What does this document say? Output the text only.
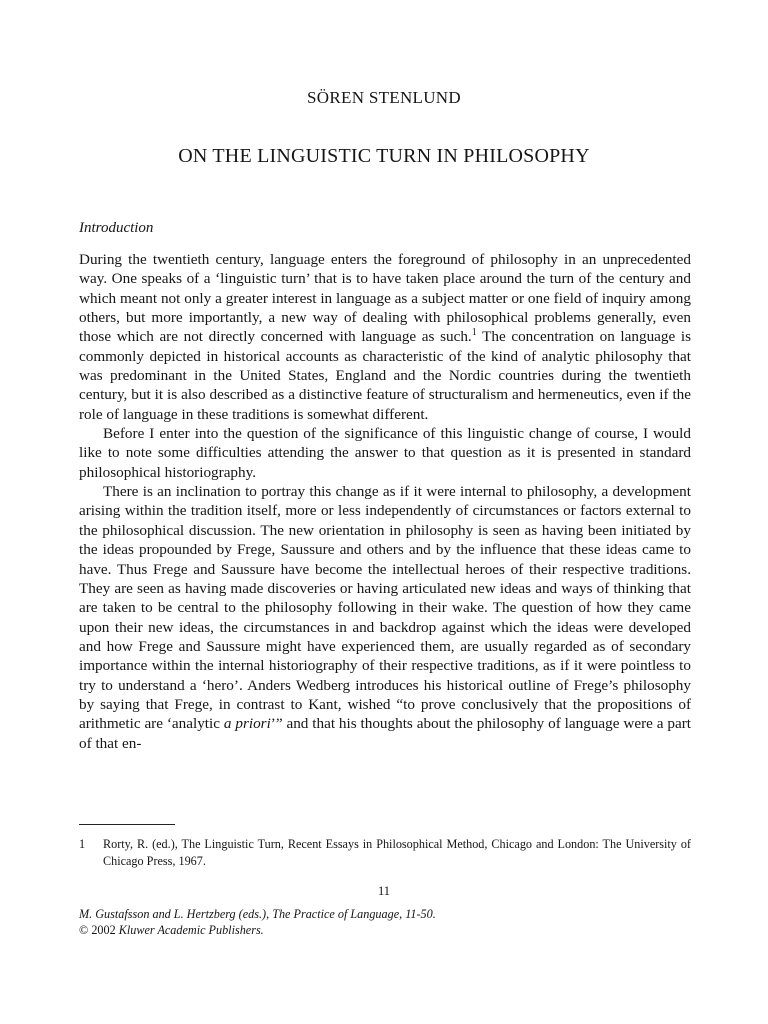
SÖREN STENLUND
ON THE LINGUISTIC TURN IN PHILOSOPHY
Introduction

During the twentieth century, language enters the foreground of philosophy in an unprecedented way. One speaks of a ‘linguistic turn’ that is to have taken place around the turn of the century and which meant not only a greater interest in language as a subject matter or one field of inquiry among others, but more importantly, a new way of dealing with philosophical problems generally, even those which are not directly concerned with language as such.$^1$ The concentration on language is commonly depicted in historical accounts as characteristic of the kind of analytic philosophy that was predominant in the United States, England and the Nordic countries during the twentieth century, but it is also described as a distinctive feature of structuralism and hermeneutics, even if the role of language in these traditions is somewhat different.

Before I enter into the question of the significance of this linguistic change of course, I would like to note some difficulties attending the answer to that question as it is presented in standard philosophical historiography.

There is an inclination to portray this change as if it were internal to philosophy, a development arising within the tradition itself, more or less independently of circumstances or factors external to the philosophical discussion. The new orientation in philosophy is seen as having been initiated by the ideas propounded by Frege, Saussure and others and by the influence that these ideas came to have. Thus Frege and Saussure have become the intellectual heroes of their respective traditions. They are seen as having made discoveries or having articulated new ideas and ways of thinking that are taken to be central to the philosophy following in their wake. The question of how they came upon their new ideas, the circumstances in and backdrop against which the ideas were developed and how Frege and Saussure might have experienced them, are usually regarded as of secondary importance within the internal historiography of their respective traditions, as if it were pointless to try to understand a ‘hero’. Anders Wedberg introduces his historical outline of Frege’s philosophy by saying that Frege, in contrast to Kant, wished “to prove conclusively that the propositions of arithmetic are ‘analytic a priori’” and that his thoughts about the philosophy of language were a part of that en-

1 Rorty, R. (ed.), The Linguistic Turn, Recent Essays in Philosophical Method, Chicago and London: The University of Chicago Press, 1967.
11
M. Gustafsson and L. Hertzberg (eds.), The Practice of Language, 11-50.
© 2002 Kluwer Academic Publishers.
